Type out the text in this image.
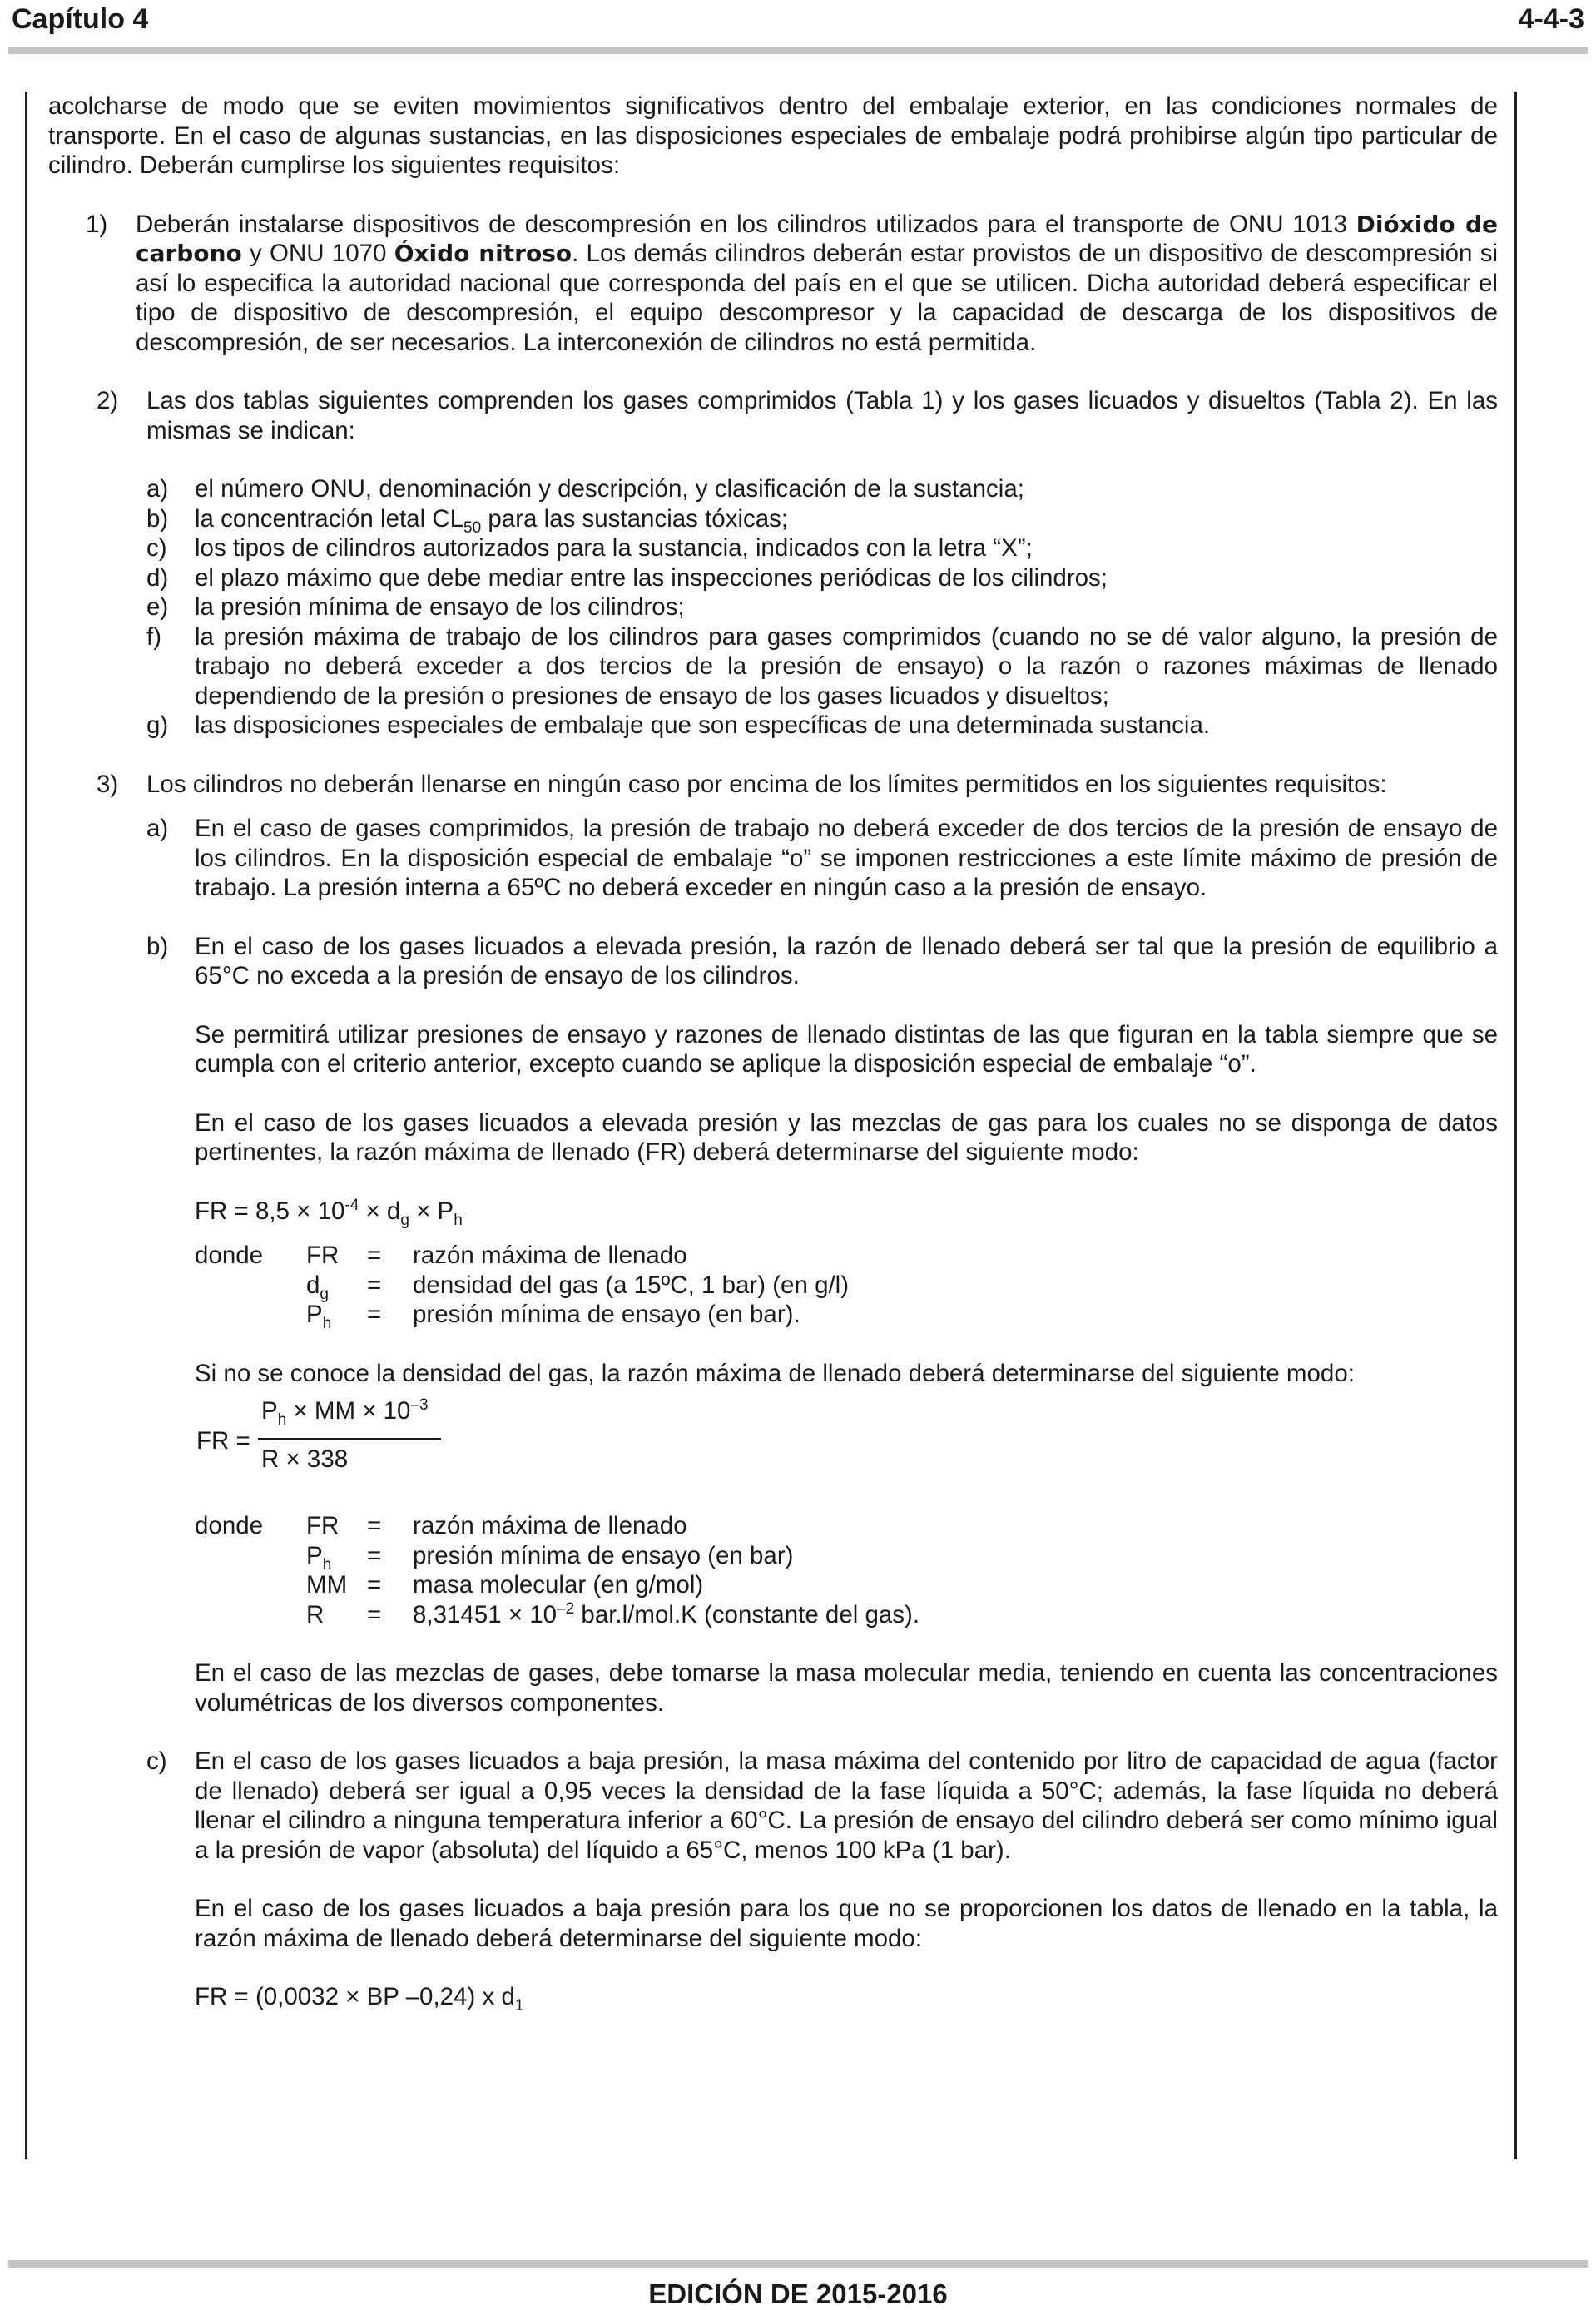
Capítulo 4	4-4-3

acolcharse de modo que se eviten movimientos significativos dentro del embalaje exterior, en las condiciones normales de transporte. En el caso de algunas sustancias, en las disposiciones especiales de embalaje podrá prohibirse algún tipo particular de cilindro. Deberán cumplirse los siguientes requisitos:

1) Deberán instalarse dispositivos de descompresión en los cilindros utilizados para el transporte de ONU 1013 Dióxido de carbono y ONU 1070 Óxido nitroso. Los demás cilindros deberán estar provistos de un dispositivo de descompresión si así lo especifica la autoridad nacional que corresponda del país en el que se utilicen. Dicha autoridad deberá especificar el tipo de dispositivo de descompresión, el equipo descompresor y la capacidad de descarga de los dispositivos de descompresión, de ser necesarios. La interconexión de cilindros no está permitida.

2) Las dos tablas siguientes comprenden los gases comprimidos (Tabla 1) y los gases licuados y disueltos (Tabla 2). En las mismas se indican:

a) el número ONU, denominación y descripción, y clasificación de la sustancia;

b) la concentración letal $CL_{50}$ para las sustancias tóxicas;

c) los tipos de cilindros autorizados para la sustancia, indicados con la letra “X”;

d) el plazo máximo que debe mediar entre las inspecciones periódicas de los cilindros;

e) la presión mínima de ensayo de los cilindros;

f) la presión máxima de trabajo de los cilindros para gases comprimidos (cuando no se dé valor alguno, la presión de trabajo no deberá exceder a dos tercios de la presión de ensayo) o la razón o razones máximas de llenado dependiendo de la presión o presiones de ensayo de los gases licuados y disueltos;

g) las disposiciones especiales de embalaje que son específicas de una determinada sustancia.

3) Los cilindros no deberán llenarse en ningún caso por encima de los límites permitidos en los siguientes requisitos:

a) En el caso de gases comprimidos, la presión de trabajo no deberá exceder de dos tercios de la presión de ensayo de los cilindros. En la disposición especial de embalaje “o” se imponen restricciones a este límite máximo de presión de trabajo. La presión interna a 65ºC no deberá exceder en ningún caso a la presión de ensayo.

b) En el caso de los gases licuados a elevada presión, la razón de llenado deberá ser tal que la presión de equilibrio a 65°C no exceda a la presión de ensayo de los cilindros.

Se permitirá utilizar presiones de ensayo y razones de llenado distintas de las que figuran en la tabla siempre que se cumpla con el criterio anterior, excepto cuando se aplique la disposición especial de embalaje “o”.

En el caso de los gases licuados a elevada presión y las mezclas de gas para los cuales no se disponga de datos pertinentes, la razón máxima de llenado (FR) deberá determinarse del siguiente modo:

FR = $8,5 \times 10^{-4} \times d_g \times P_h$

donde	FR	=	razón máxima de llenado
$d_g$	=	densidad del gas (a 15ºC, 1 bar) (en g/l)
$P_h$	=	presión mínima de ensayo (en bar).

Si no se conoce la densidad del gas, la razón máxima de llenado deberá determinarse del siguiente modo:

FR =
$P_h$ × MM × $10^{-3}$
R × 338
donde	FR	=	razón máxima de llenado
$P_h$	=	presión mínima de ensayo (en bar)
MM =	masa molecular (en g/mol)
R	=	$8,31451 \times 10^{-2}$ bar.l/mol.K (constante del gas).

En el caso de las mezclas de gases, debe tomarse la masa molecular media, teniendo en cuenta las concentraciones volumétricas de los diversos componentes.

c) En el caso de los gases licuados a baja presión, la masa máxima del contenido por litro de capacidad de agua (factor de llenado) deberá ser igual a 0,95 veces la densidad de la fase líquida a 50°C; además, la fase líquida no deberá llenar el cilindro a ninguna temperatura inferior a 60°C. La presión de ensayo del cilindro deberá ser como mínimo igual a la presión de vapor (absoluta) del líquido a 65°C, menos 100 kPa (1 bar).

En el caso de los gases licuados a baja presión para los que no se proporcionen los datos de llenado en la tabla, la razón máxima de llenado deberá determinarse del siguiente modo:

FR = (0,0032 × BP –0,24) x $d_1$

EDICIÓN DE 2015-2016
